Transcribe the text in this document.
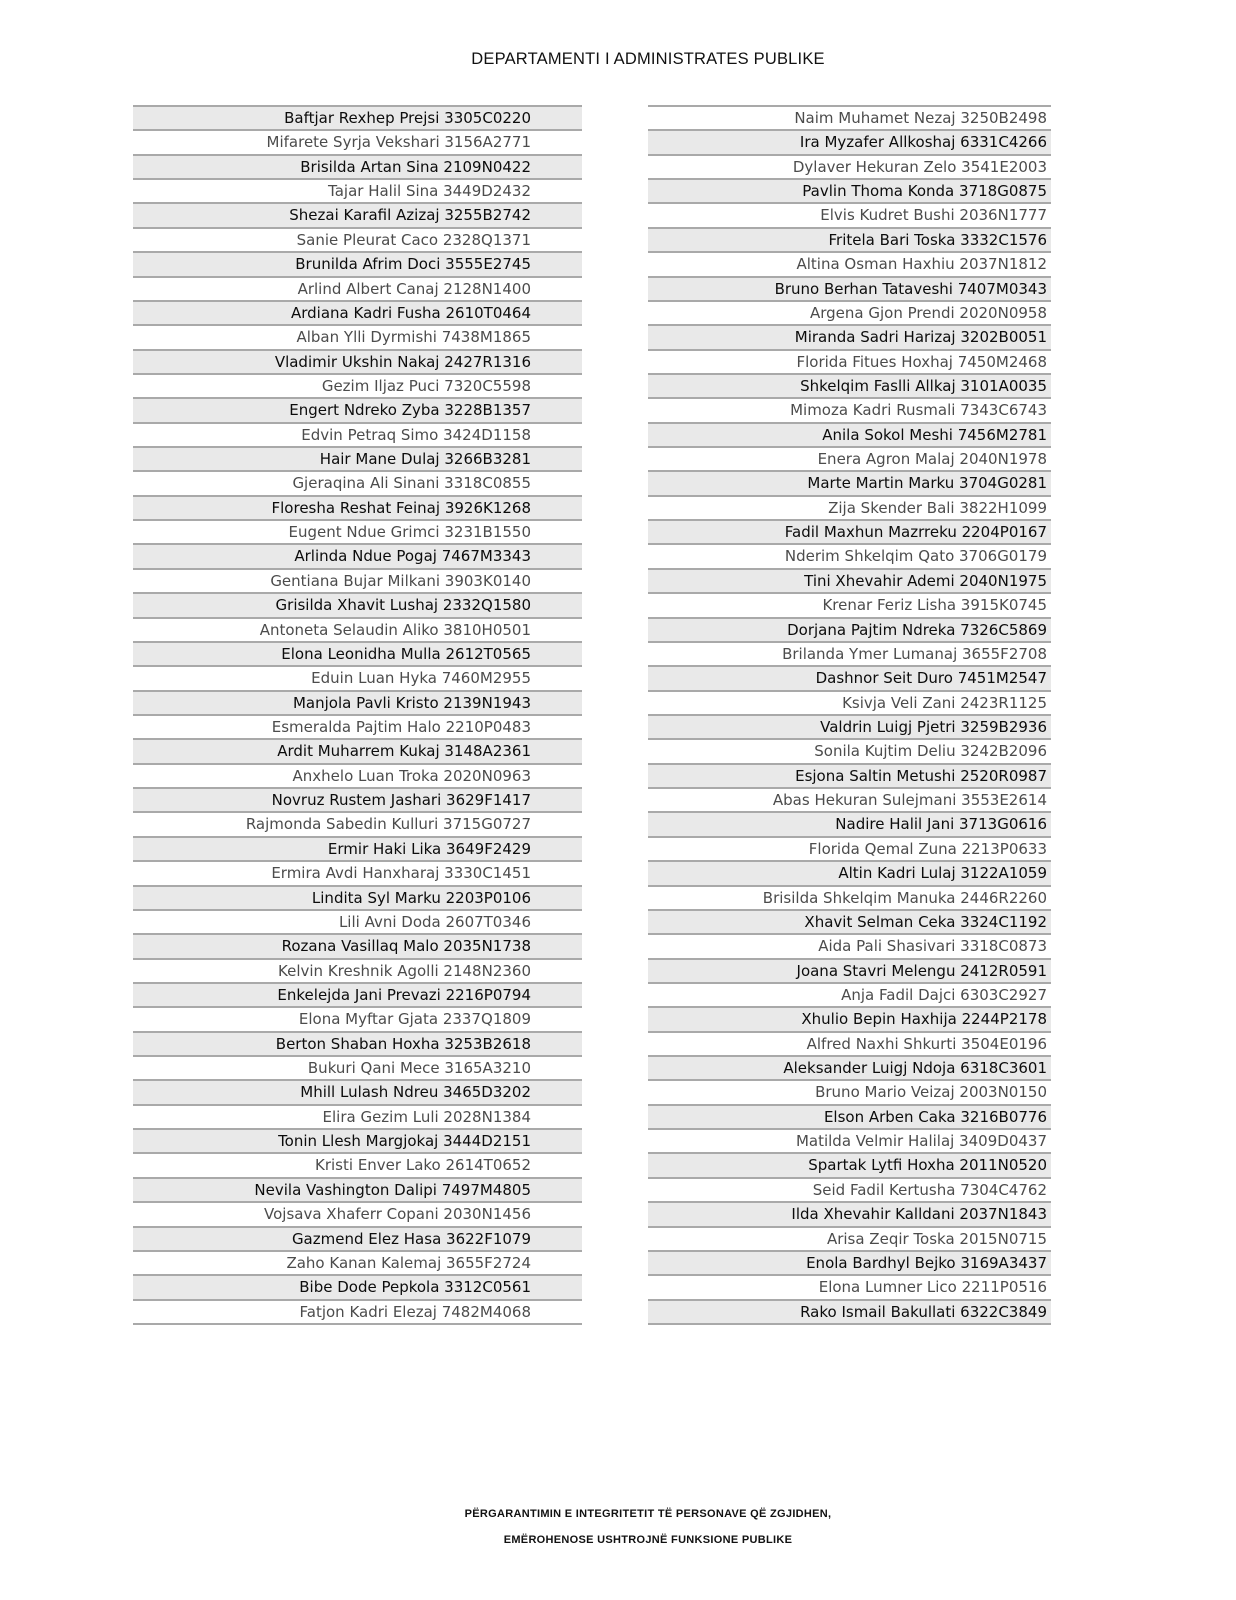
DEPARTAMENTI I ADMINISTRATES PUBLIKE
Baftjar Rexhep Prejsi 3305C0220
Mifarete Syrja Vekshari 3156A2771
Brisilda Artan Sina 2109N0422
Tajar Halil Sina 3449D2432
Shezai Karafil Azizaj 3255B2742
Sanie Pleurat Caco 2328Q1371
Brunilda Afrim Doci 3555E2745
Arlind Albert Canaj 2128N1400
Ardiana Kadri Fusha 2610T0464
Alban Ylli Dyrmishi 7438M1865
Vladimir Ukshin Nakaj 2427R1316
Gezim Iljaz Puci 7320C5598
Engert Ndreko Zyba 3228B1357
Edvin Petraq Simo 3424D1158
Hair Mane Dulaj 3266B3281
Gjeraqina Ali Sinani 3318C0855
Floresha Reshat Feinaj 3926K1268
Eugent Ndue Grimci 3231B1550
Arlinda Ndue Pogaj 7467M3343
Gentiana Bujar Milkani 3903K0140
Grisilda Xhavit Lushaj 2332Q1580
Antoneta Selaudin Aliko 3810H0501
Elona Leonidha Mulla 2612T0565
Eduin Luan Hyka 7460M2955
Manjola Pavli Kristo 2139N1943
Esmeralda Pajtim Halo 2210P0483
Ardit Muharrem Kukaj 3148A2361
Anxhelo Luan Troka 2020N0963
Novruz Rustem Jashari 3629F1417
Rajmonda Sabedin Kulluri 3715G0727
Ermir Haki Lika 3649F2429
Ermira Avdi Hanxharaj 3330C1451
Lindita Syl Marku 2203P0106
Lili Avni Doda 2607T0346
Rozana Vasillaq Malo 2035N1738
Kelvin Kreshnik Agolli 2148N2360
Enkelejda Jani Prevazi 2216P0794
Elona Myftar Gjata 2337Q1809
Berton Shaban Hoxha 3253B2618
Bukuri Qani Mece 3165A3210
Mhill Lulash Ndreu 3465D3202
Elira Gezim Luli 2028N1384
Tonin Llesh Margjokaj 3444D2151
Kristi Enver Lako 2614T0652
Nevila Vashington Dalipi 7497M4805
Vojsava Xhaferr Copani 2030N1456
Gazmend Elez Hasa 3622F1079
Zaho Kanan Kalemaj 3655F2724
Bibe Dode Pepkola 3312C0561
Fatjon Kadri Elezaj 7482M4068
Naim Muhamet Nezaj 3250B2498
Ira Myzafer Allkoshaj 6331C4266
Dylaver Hekuran Zelo 3541E2003
Pavlin Thoma Konda 3718G0875
Elvis Kudret Bushi 2036N1777
Fritela Bari Toska 3332C1576
Altina Osman Haxhiu 2037N1812
Bruno Berhan Tataveshi 7407M0343
Argena Gjon Prendi 2020N0958
Miranda Sadri Harizaj 3202B0051
Florida Fitues Hoxhaj 7450M2468
Shkelqim Faslli Allkaj 3101A0035
Mimoza Kadri Rusmali 7343C6743
Anila Sokol Meshi 7456M2781
Enera Agron Malaj 2040N1978
Marte Martin Marku 3704G0281
Zija Skender Bali 3822H1099
Fadil Maxhun Mazrreku 2204P0167
Nderim Shkelqim Qato 3706G0179
Tini Xhevahir Ademi 2040N1975
Krenar Feriz Lisha 3915K0745
Dorjana Pajtim Ndreka 7326C5869
Brilanda Ymer Lumanaj 3655F2708
Dashnor Seit Duro 7451M2547
Ksivja Veli Zani 2423R1125
Valdrin Luigj Pjetri 3259B2936
Sonila Kujtim Deliu 3242B2096
Esjona Saltin Metushi 2520R0987
Abas Hekuran Sulejmani 3553E2614
Nadire Halil Jani 3713G0616
Florida Qemal Zuna 2213P0633
Altin Kadri Lulaj 3122A1059
Brisilda Shkelqim Manuka 2446R2260
Xhavit Selman Ceka 3324C1192
Aida Pali Shasivari 3318C0873
Joana Stavri Melengu 2412R0591
Anja Fadil Dajci 6303C2927
Xhulio Bepin Haxhija 2244P2178
Alfred Naxhi Shkurti 3504E0196
Aleksander Luigj Ndoja 6318C3601
Bruno Mario Veizaj 2003N0150
Elson Arben Caka 3216B0776
Matilda Velmir Halilaj 3409D0437
Spartak Lytfi Hoxha 2011N0520
Seid Fadil Kertusha 7304C4762
Ilda Xhevahir Kalldani 2037N1843
Arisa Zeqir Toska 2015N0715
Enola Bardhyl Bejko 3169A3437
Elona Lumner Lico 2211P0516
Rako Ismail Bakullati 6322C3849
PËRGARANTIMIN E INTEGRITETIT TË PERSONAVE QË ZGJIDHEN,
EMËROHENOSE USHTROJNË FUNKSIONE PUBLIKE
